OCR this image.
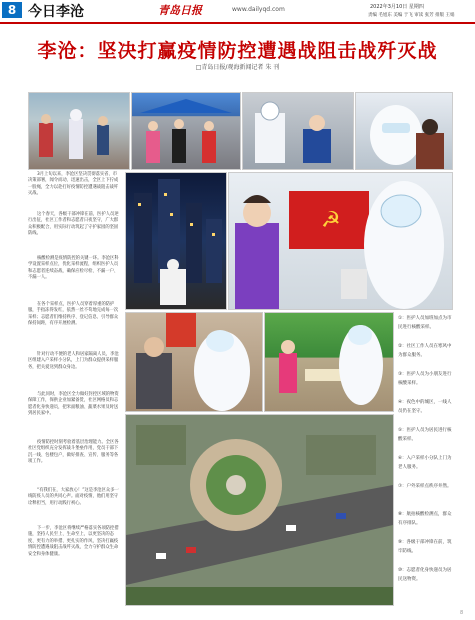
8 今日李沧	青岛日报	www.dailyqd.com	2022年3月10日 星期四
责编 毛旭东 美编 于飞 审读 张芳 排版 王娟
李沧：坚决打赢疫情防控遭遇战阻击战歼灭战
□青岛日报/观海新闻记者 朱 刊

3月上旬以来，李沧区坚决贯彻落实省、市决策部署，闻令而动、迅速出击，全区上下拧成一股绳，全力以赴打好疫情防控遭遇战阻击战歼灭战。

这个春天，各级干部冲锋在前，医护人员逆行出征，社区工作者和志愿者日夜坚守，广大群众积极配合，用实际行动筑起了守护家园的坚固防线。

核酸检测是疫情防控的关键一环。李沧区科学设置采样点位，优化采样流程，组织医护人员和志愿者连续奋战，确保应检尽检、不漏一户、不漏一人。

在各个采样点，医护人员穿着厚重的防护服，手指冻得发红，依然一丝不苟地完成每一次采样；志愿者们维持秩序、登记信息、引导群众保持间距，有序开展检测。

针对行动不便的老人和居家隔离人员，李沧区组建入户采样小分队，上门为群众提供采样服务，把关爱送到群众身边。

与此同时，李沧区全力做好封控区域的物资保障工作，保供企业加紧备货，社区网格员和志愿者化身快递员，把米面粮油、蔬菜水果及时送到居民家中。

疫情防控时刻考验着基层治理能力。全区各社区党组织充分发挥战斗堡垒作用，党员干部下沉一线、包楼包户，做好排查、宣传、服务等各项工作。

“有我们在，大家放心！”这是李沧区众多一线防疫人员的共同心声。面对疫情，他们用坚守诠释担当，用行动践行初心。

下一步，李沧区将继续严格落实各项防控措施，坚持人民至上、生命至上，以更坚决的态度、更有力的举措、更扎实的作风，坚决打赢疫情防控遭遇战阻击战歼灭战，全力守护群众生命安全和身体健康。

☭

①：医护人员加班加点为市民进行核酸采样。

②：社区工作人员在寒风中为群众服务。

③：医护人员为小朋友进行核酸采样。

④：夜色中的城区，一线人员仍在坚守。

⑤：医护人员为居民进行核酸采样。

⑥：入户采样小分队上门为老人服务。

⑦：户外采样点秩序井然。

⑧：航拍核酸检测点，群众有序排队。

⑨：各级干部冲锋在前，筑牢防线。

⑩：志愿者化身快递员为居民送物资。

8
